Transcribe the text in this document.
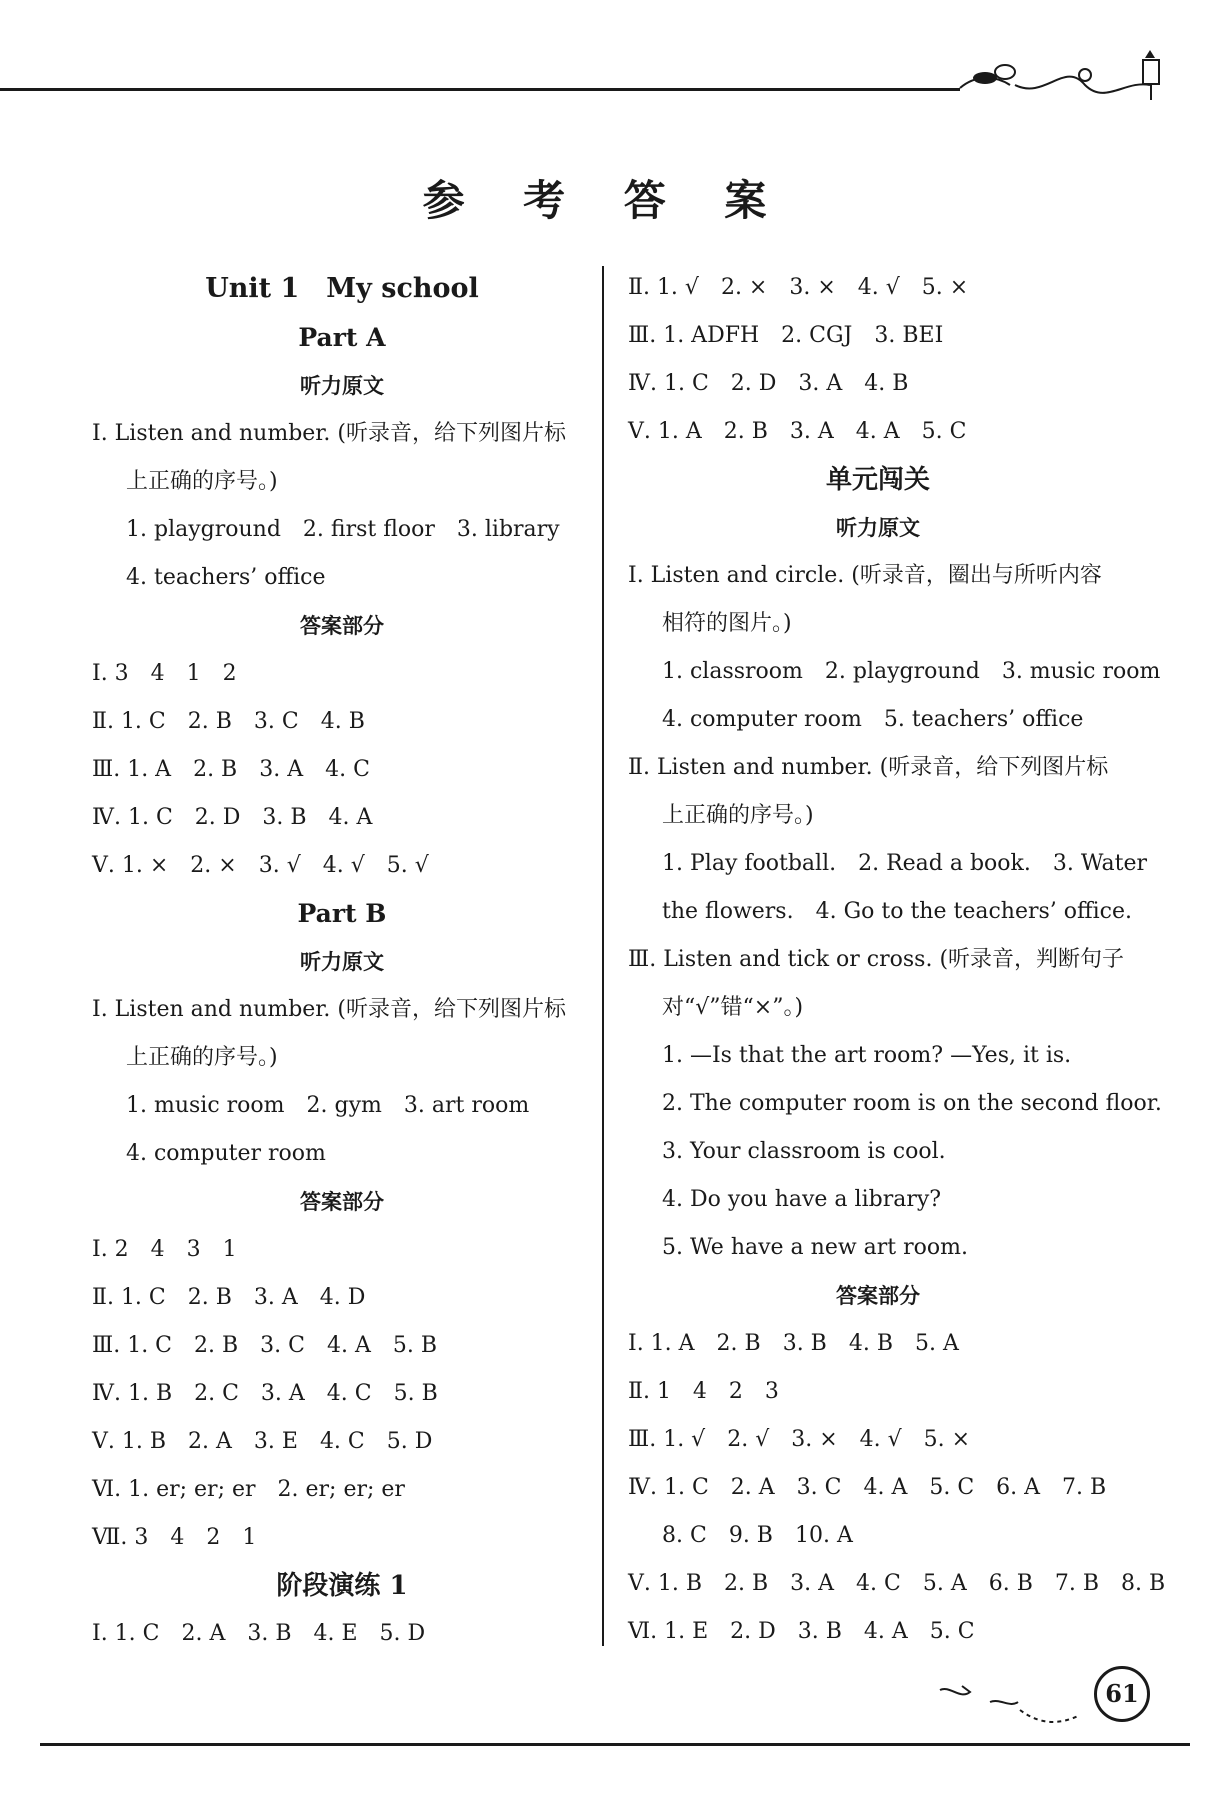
参 考 答 案
Unit 1　My school
Part A
听力原文
Ⅰ. Listen and number. (听录音，给下列图片标
上正确的序号。)
1. playground　2. first floor　3. library
4. teachers’ office
答案部分
Ⅰ. 3　4　1　2
Ⅱ. 1. C　2. B　3. C　4. B
Ⅲ. 1. A　2. B　3. A　4. C
Ⅳ. 1. C　2. D　3. B　4. A
Ⅴ. 1. ×　2. ×　3. √　4. √　5. √
Part B
听力原文
Ⅰ. Listen and number. (听录音，给下列图片标
上正确的序号。)
1. music room　2. gym　3. art room
4. computer room
答案部分
Ⅰ. 2　4　3　1
Ⅱ. 1. C　2. B　3. A　4. D
Ⅲ. 1. C　2. B　3. C　4. A　5. B
Ⅳ. 1. B　2. C　3. A　4. C　5. B
Ⅴ. 1. B　2. A　3. E　4. C　5. D
Ⅵ. 1. er; er; er　2. er; er; er
Ⅶ. 3　4　2　1
阶段演练 1
Ⅰ. 1. C　2. A　3. B　4. E　5. D
Ⅱ. 1. √　2. ×　3. ×　4. √　5. ×
Ⅲ. 1. ADFH　2. CGJ　3. BEI
Ⅳ. 1. C　2. D　3. A　4. B
Ⅴ. 1. A　2. B　3. A　4. A　5. C
单元闯关
听力原文
Ⅰ. Listen and circle. (听录音，圈出与所听内容
相符的图片。)
1. classroom　2. playground　3. music room
4. computer room　5. teachers’ office
Ⅱ. Listen and number. (听录音，给下列图片标
上正确的序号。)
1. Play football.　2. Read a book.　3. Water
the flowers.　4. Go to the teachers’ office.
Ⅲ. Listen and tick or cross. (听录音，判断句子
对“√”错“×”。)
1. —Is that the art room? —Yes, it is.
2. The computer room is on the second floor.
3. Your classroom is cool.
4. Do you have a library?
5. We have a new art room.
答案部分
Ⅰ. 1. A　2. B　3. B　4. B　5. A
Ⅱ. 1　4　2　3
Ⅲ. 1. √　2. √　3. ×　4. √　5. ×
Ⅳ. 1. C　2. A　3. C　4. A　5. C　6. A　7. B
8. C　9. B　10. A
Ⅴ. 1. B　2. B　3. A　4. C　5. A　6. B　7. B　8. B
Ⅵ. 1. E　2. D　3. B　4. A　5. C
61
